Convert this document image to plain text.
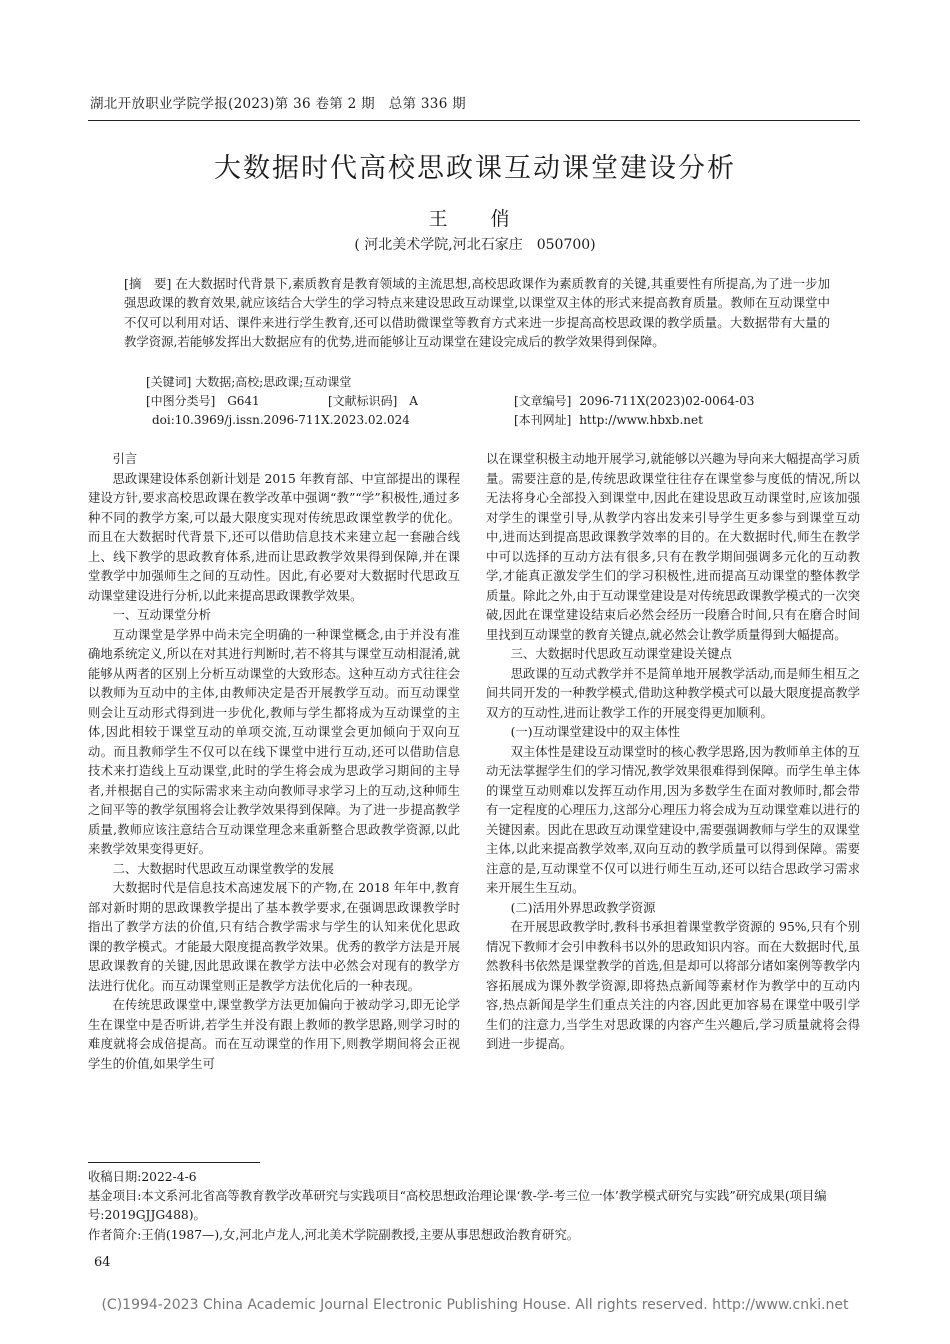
湖北开放职业学院学报(2023)第 36 卷第 2 期　总第 336 期
大数据时代高校思政课互动课堂建设分析
王　俏
( 河北美术学院,河北石家庄　050700)
[摘　要] 在大数据时代背景下,素质教育是教育领域的主流思想,高校思政课作为素质教育的关键,其重要性有所提高,为了进一步加强思政课的教育效果,就应该结合大学生的学习特点来建设思政互动课堂,以课堂双主体的形式来提高教育质量。教师在互动课堂中不仅可以利用对话、课件来进行学生教育,还可以借助微课堂等教育方式来进一步提高高校思政课的教学质量。大数据带有大量的教学资源,若能够发挥出大数据应有的优势,进而能够让互动课堂在建设完成后的教学效果得到保障。
[关键词] 大数据;高校;思政课;互动课堂
[中图分类号] G641	[文献标识码] A	[文章编号] 2096-711X(2023)02-0064-03
doi:10.3969/j.issn.2096-711X.2023.02.024	[本刊网址] http://www.hbxb.net

引言

思政课建设体系创新计划是 2015 年教育部、中宣部提出的课程建设方针,要求高校思政课在教学改革中强调“教”“学”积极性,通过多种不同的教学方案,可以最大限度实现对传统思政课堂教学的优化。而且在大数据时代背景下,还可以借助信息技术来建立起一套融合线上、线下教学的思政教育体系,进而让思政教学效果得到保障,并在课堂教学中加强师生之间的互动性。因此,有必要对大数据时代思政互动课堂建设进行分析,以此来提高思政课教学效果。

一、互动课堂分析

互动课堂是学界中尚未完全明确的一种课堂概念,由于并没有准确地系统定义,所以在对其进行判断时,若不将其与课堂互动相混淆,就能够从两者的区别上分析互动课堂的大致形态。这种互动方式往往会以教师为互动中的主体,由教师决定是否开展教学互动。而互动课堂则会让互动形式得到进一步优化,教师与学生都将成为互动课堂的主体,因此相较于课堂互动的单项交流,互动课堂会更加倾向于双向互动。而且教师学生不仅可以在线下课堂中进行互动,还可以借助信息技术来打造线上互动课堂,此时的学生将会成为思政学习期间的主导者,并根据自己的实际需求来主动向教师寻求学习上的互动,这种师生之间平等的教学氛围将会让教学效果得到保障。为了进一步提高教学质量,教师应该注意结合互动课堂理念来重新整合思政教学资源,以此来教学效果变得更好。

二、大数据时代思政互动课堂教学的发展

大数据时代是信息技术高速发展下的产物,在 2018 年年中,教育部对新时期的思政课教学提出了基本教学要求,在强调思政课教学时指出了教学方法的价值,只有结合教学需求与学生的认知来优化思政课的教学模式。才能最大限度提高教学效果。优秀的教学方法是开展思政课教育的关键,因此思政课在教学方法中必然会对现有的教学方法进行优化。而互动课堂则正是教学方法优化后的一种表现。

在传统思政课堂中,课堂教学方法更加偏向于被动学习,即无论学生在课堂中是否听讲,若学生并没有跟上教师的教学思路,则学习时的难度就将会成倍提高。而在互动课堂的作用下,则教学期间将会正视学生的价值,如果学生可

以在课堂积极主动地开展学习,就能够以兴趣为导向来大幅提高学习质量。需要注意的是,传统思政课堂往往存在课堂参与度低的情况,所以无法将身心全部投入到课堂中,因此在建设思政互动课堂时,应该加强对学生的课堂引导,从教学内容出发来引导学生更多参与到课堂互动中,进而达到提高思政课教学效率的目的。在大数据时代,师生在教学中可以选择的互动方法有很多,只有在教学期间强调多元化的互动教学,才能真正激发学生们的学习积极性,进而提高互动课堂的整体教学质量。除此之外,由于互动课堂建设是对传统思政课教学模式的一次突破,因此在课堂建设结束后必然会经历一段磨合时间,只有在磨合时间里找到互动课堂的教育关键点,就必然会让教学质量得到大幅提高。

三、大数据时代思政互动课堂建设关键点

思政课的互动式教学并不是简单地开展教学活动,而是师生相互之间共同开发的一种教学模式,借助这种教学模式可以最大限度提高教学双方的互动性,进而让教学工作的开展变得更加顺利。

(一)互动课堂建设中的双主体性

双主体性是建设互动课堂时的核心教学思路,因为教师单主体的互动无法掌握学生们的学习情况,教学效果很难得到保障。而学生单主体的课堂互动则难以发挥互动作用,因为多数学生在面对教师时,都会带有一定程度的心理压力,这部分心理压力将会成为互动课堂难以进行的关键因素。因此在思政互动课堂建设中,需要强调教师与学生的双课堂主体,以此来提高教学效率,双向互动的教学质量可以得到保障。需要注意的是,互动课堂不仅可以进行师生互动,还可以结合思政学习需求来开展生生互动。

(二)活用外界思政教学资源

在开展思政教学时,教科书承担着课堂教学资源的 95%,只有个别情况下教师才会引申教科书以外的思政知识内容。而在大数据时代,虽然教科书依然是课堂教学的首选,但是却可以将部分诸如案例等教学内容拓展成为课外教学资源,即将热点新闻等素材作为教学中的互动内容,热点新闻是学生们重点关注的内容,因此更加容易在课堂中吸引学生们的注意力,当学生对思政课的内容产生兴趣后,学习质量就将会得到进一步提高。

收稿日期:2022-4-6
基金项目:本文系河北省高等教育教学改革研究与实践项目“高校思想政治理论课‘教-学-考三位一体’教学模式研究与实践”研究成果(项目编号:2019GJJG488)。
作者简介:王俏(1987—),女,河北卢龙人,河北美术学院副教授,主要从事思想政治教育研究。
64
(C)1994-2023 China Academic Journal Electronic Publishing House. All rights reserved. http://www.cnki.net
